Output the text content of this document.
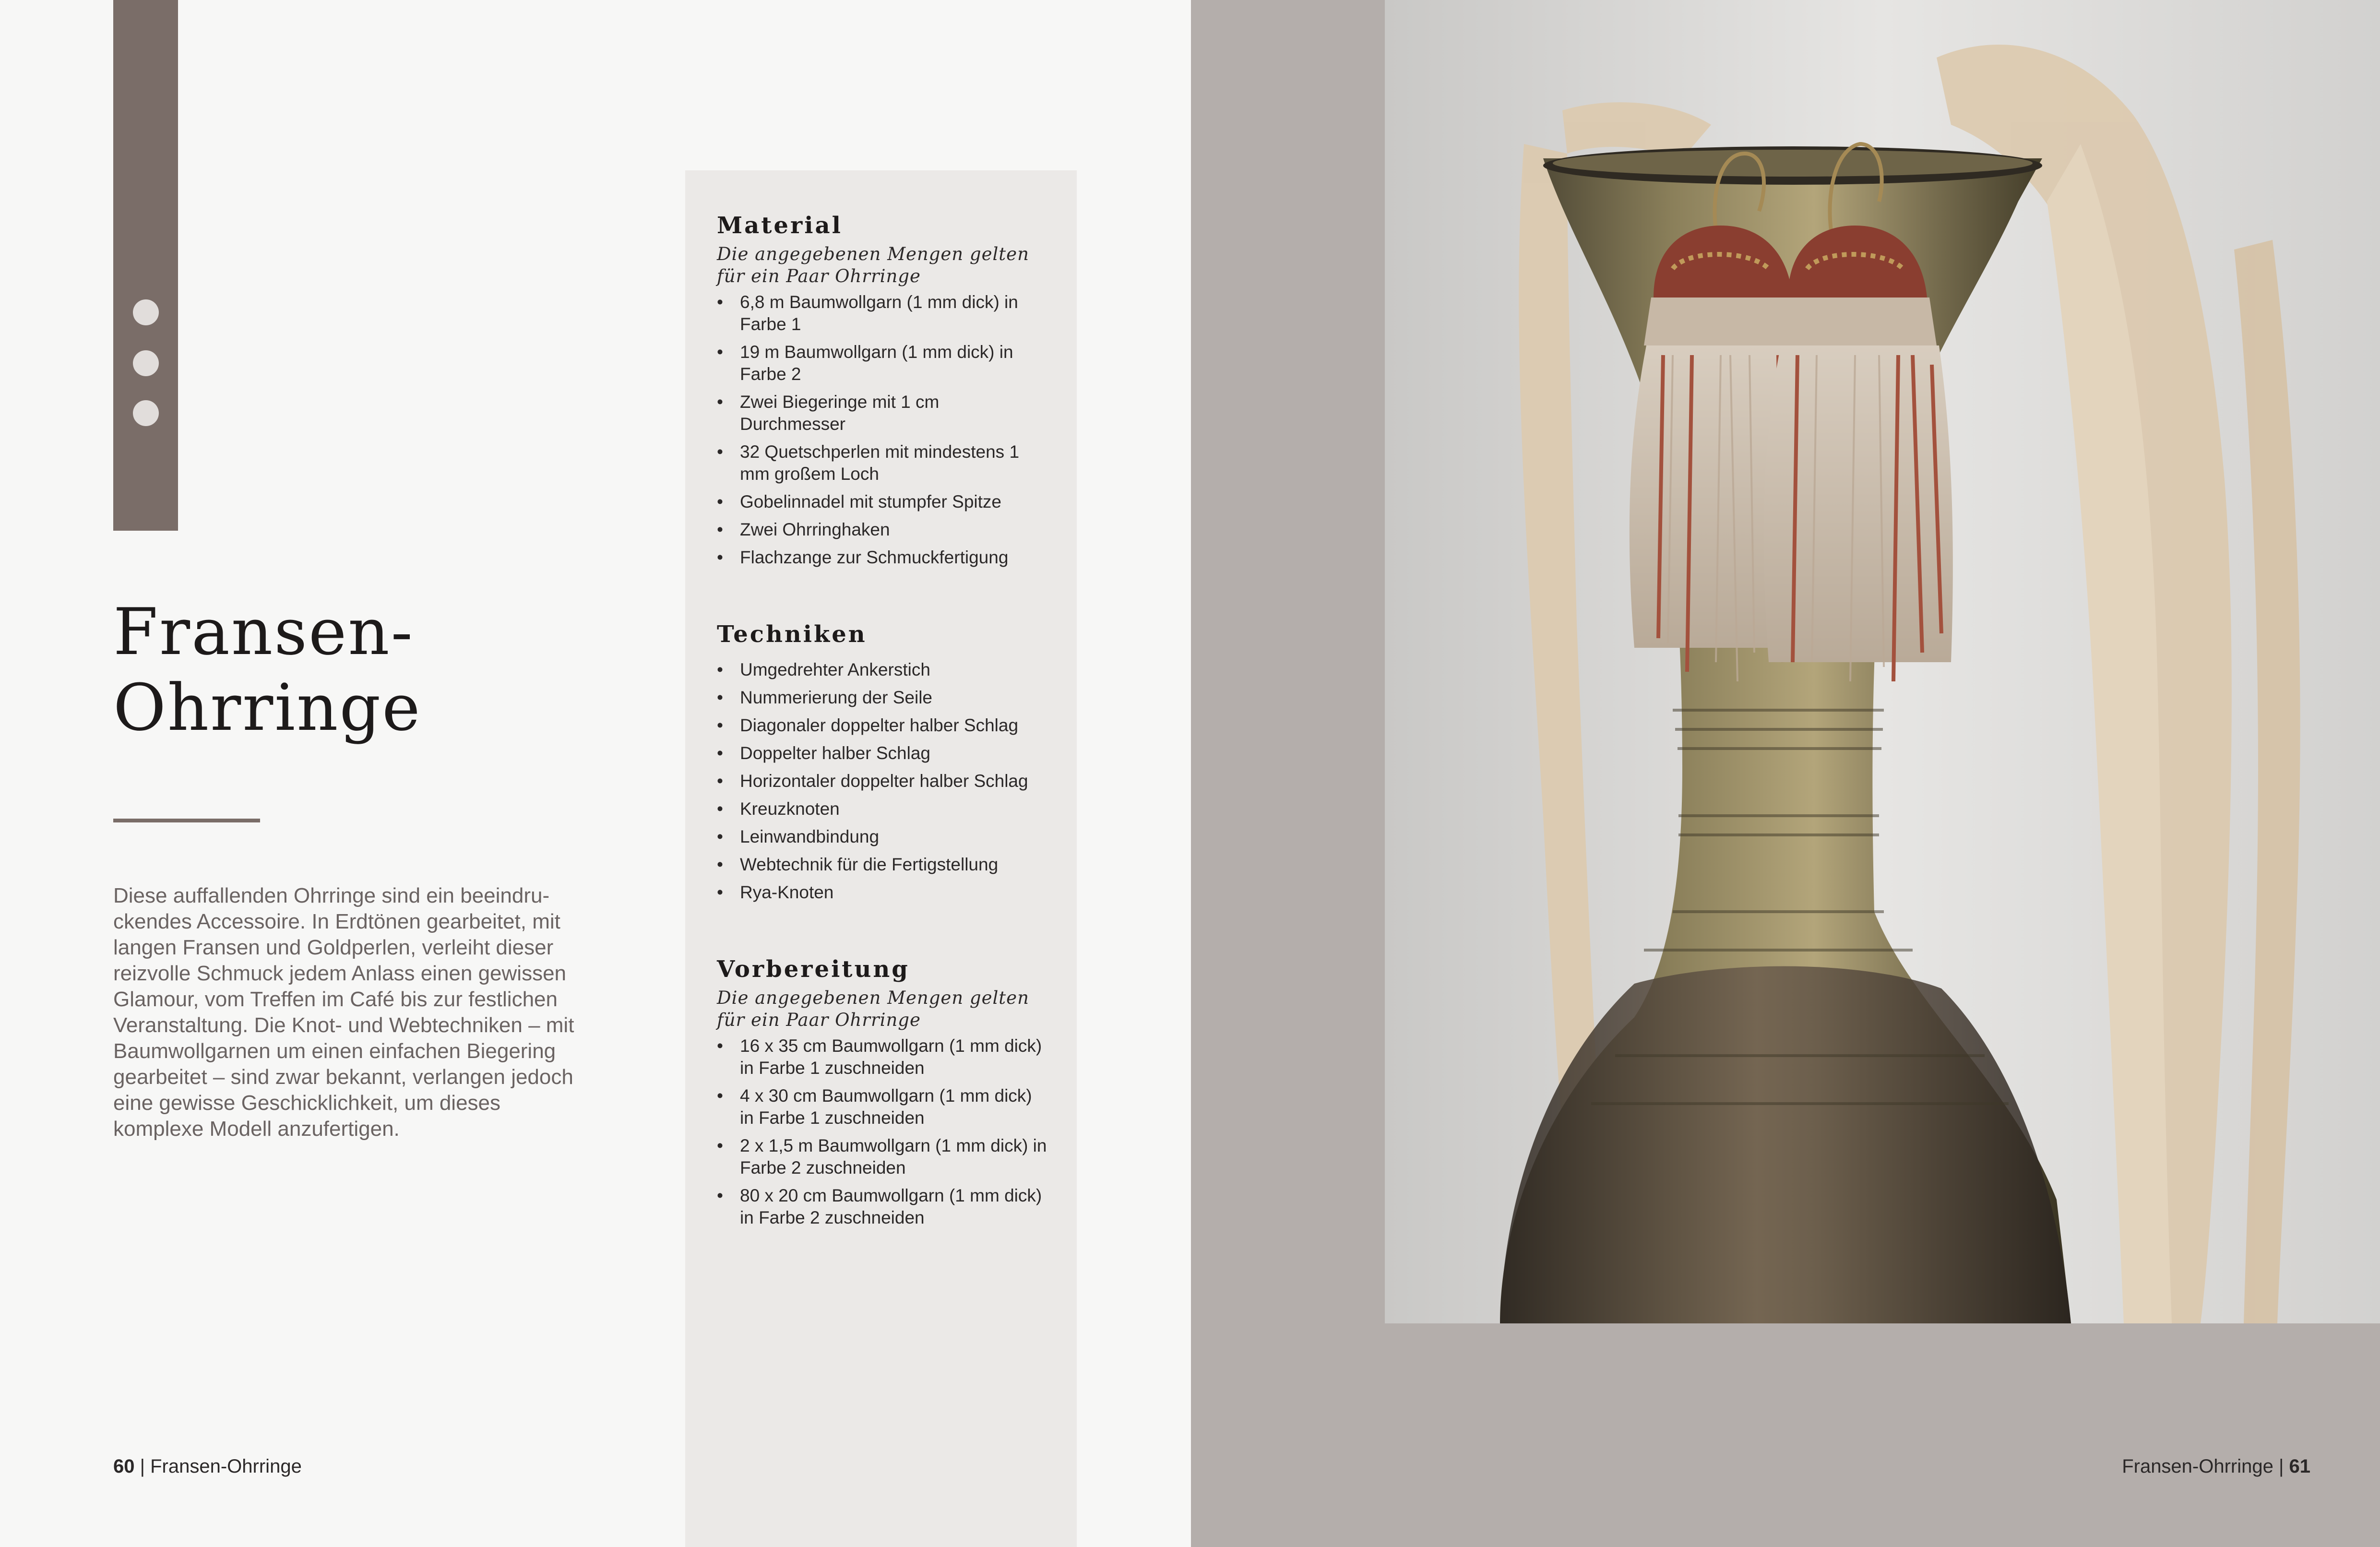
Fransen-
Ohrringe

Diese auffallenden Ohrringe sind ein beeindruckendes Accessoire. In Erdtönen gearbeitet, mit langen Fransen und Goldperlen, verleiht dieser reizvolle Schmuck jedem Anlass einen gewissen Glamour, vom Treffen im Café bis zur festlichen Veranstaltung. Die Knot- und Webtechniken – mit Baumwollgarnen um einen einfachen Biegering gearbeitet – sind zwar bekannt, verlangen jedoch eine gewisse Geschicklichkeit, um dieses komplexe Modell anzufertigen.

60 | Fransen-Ohrringe
Material

Die angegebenen Mengen gelten für ein Paar Ohrringe

• 6,8 m Baumwollgarn (1 mm dick) in Farbe 1
• 19 m Baumwollgarn (1 mm dick) in Farbe 2
• Zwei Biegeringe mit 1 cm Durchmesser
• 32 Quetschperlen mit mindestens 1 mm großem Loch
• Gobelinnadel mit stumpfer Spitze
• Zwei Ohrringhaken
• Flachzange zur Schmuckfertigung
Techniken
• Umgedrehter Ankerstich
• Nummerierung der Seile
• Diagonaler doppelter halber Schlag
• Doppelter halber Schlag
• Horizontaler doppelter halber Schlag
• Kreuzknoten
• Leinwandbindung
• Webtechnik für die Fertigstellung
• Rya-Knoten
Vorbereitung

Die angegebenen Mengen gelten für ein Paar Ohrringe

• 16 x 35 cm Baumwollgarn (1 mm dick) in Farbe 1 zuschneiden
• 4 x 30 cm Baumwollgarn (1 mm dick) in Farbe 1 zuschneiden
• 2 x 1,5 m Baumwollgarn (1 mm dick) in Farbe 2 zuschneiden
• 80 x 20 cm Baumwollgarn (1 mm dick) in Farbe 2 zuschneiden
Fransen-Ohrringe | 61
